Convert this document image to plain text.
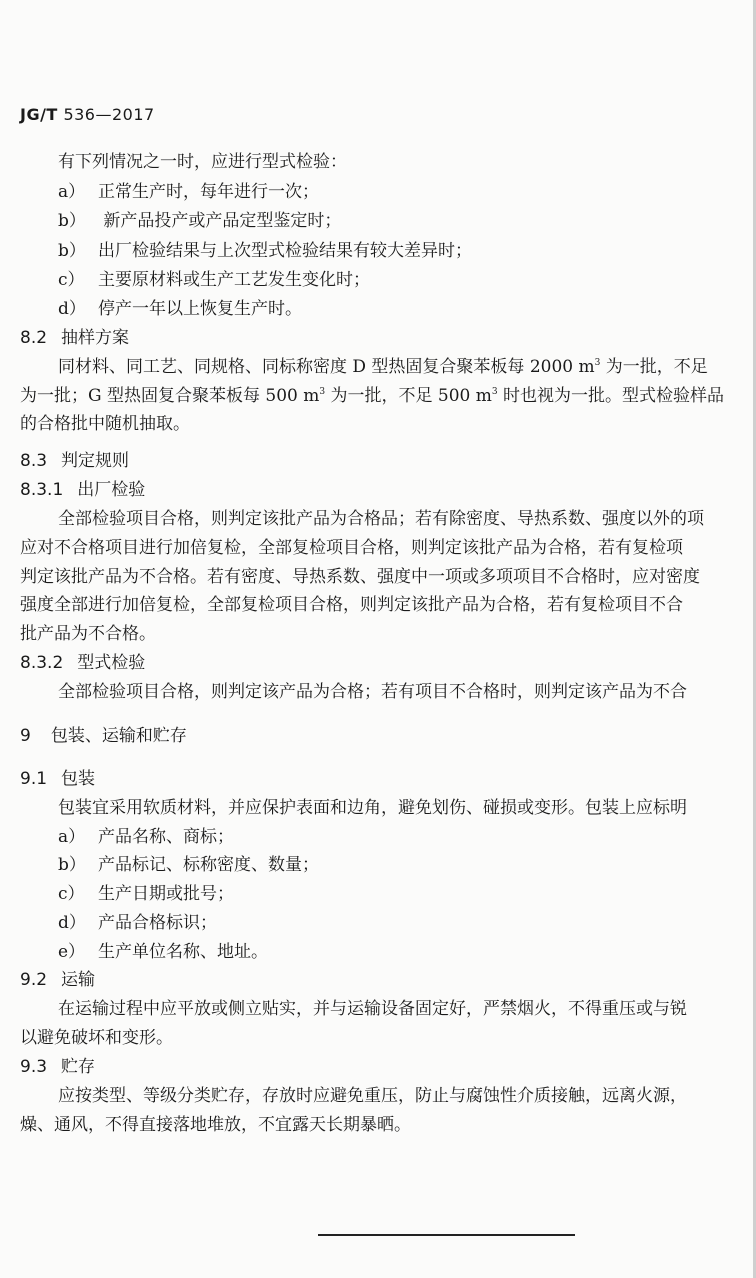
JG/T 536—2017
有下列情况之一时，应进行型式检验：
a） 正常生产时，每年进行一次；
b） 新产品投产或产品定型鉴定时；
b） 出厂检验结果与上次型式检验结果有较大差异时；
c） 主要原材料或生产工艺发生变化时；
d） 停产一年以上恢复生产时。
8.2 抽样方案
同材料、同工艺、同规格、同标称密度 D 型热固复合聚苯板每 2000 $m^3$ 为一批，不足
为一批；G 型热固复合聚苯板每 500 $m^3$ 为一批，不足 500 $m^3$ 时也视为一批。型式检验样品
的合格批中随机抽取。
8.3 判定规则
8.3.1 出厂检验
全部检验项目合格，则判定该批产品为合格品；若有除密度、导热系数、强度以外的项
应对不合格项目进行加倍复检，全部复检项目合格，则判定该批产品为合格，若有复检项
判定该批产品为不合格。若有密度、导热系数、强度中一项或多项项目不合格时，应对密度
强度全部进行加倍复检，全部复检项目合格，则判定该批产品为合格，若有复检项目不合
批产品为不合格。
8.3.2 型式检验
全部检验项目合格，则判定该产品为合格；若有项目不合格时，则判定该产品为不合
9 包装、运输和贮存
9.1 包装
包装宜采用软质材料，并应保护表面和边角，避免划伤、碰损或变形。包装上应标明
a） 产品名称、商标；
b） 产品标记、标称密度、数量；
c） 生产日期或批号；
d） 产品合格标识；
e） 生产单位名称、地址。
9.2 运输
在运输过程中应平放或侧立贴实，并与运输设备固定好，严禁烟火，不得重压或与锐
以避免破坏和变形。
9.3 贮存
应按类型、等级分类贮存，存放时应避免重压，防止与腐蚀性介质接触，远离火源，
燥、通风，不得直接落地堆放，不宜露天长期暴晒。
